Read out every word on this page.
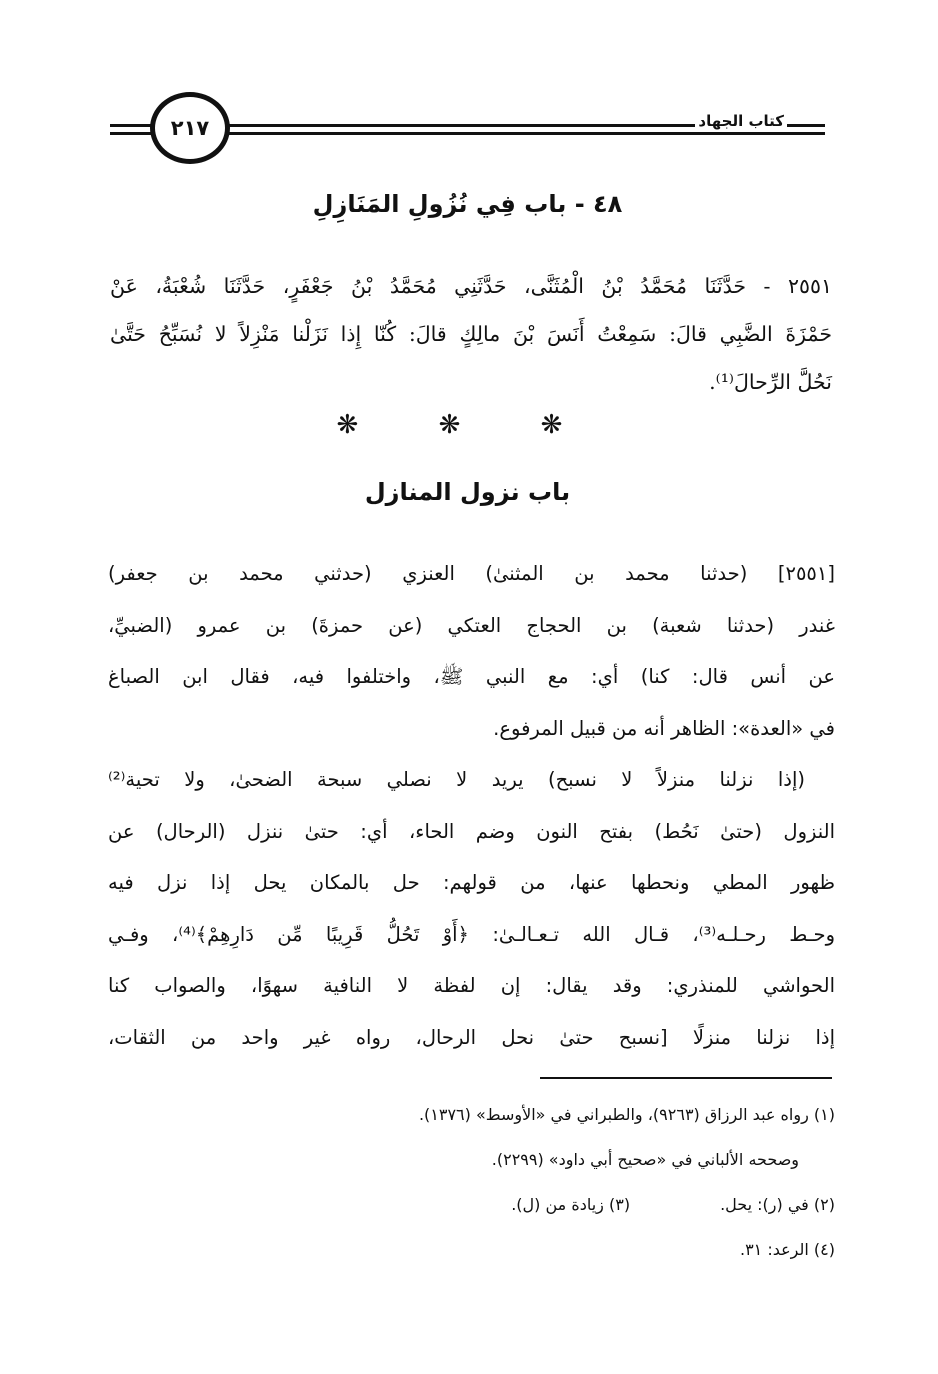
٢١٧	كتاب الجهاد
٤٨ - باب فِي نُزُولِ المَنَازِلِ
٢٥٥١ - حَدَّثَنَا مُحَمَّدُ بْنُ الْمُثَنَّى، حَدَّثَنِي مُحَمَّدُ بْنُ جَعْفَرٍ، حَدَّثَنَا شُعْبَةُ، عَنْ
حَمْزَةَ الضَّبِي قالَ: سَمِعْتُ أَنَسَ بْنَ مالِكٍ قالَ: كُنّا إِذا نَزَلْنا مَنْزِلاً لا نُسَبِّحُ حَتَّىٰ
نَحُلَّ الرِّحالَ⁽¹⁾.
❋ ❋ ❋
باب نزول المنازل
[٢٥٥١] (حدثنا محمد بن المثنىٰ) العنزي (حدثني محمد بن جعفر)
غندر (حدثنا شعبة) بن الحجاج العتكي (عن حمزةَ) بن عمرو (الضبيِّ،
عن أنس قال: كنا) أي: مع النبي ﷺ، واختلفوا فيه، فقال ابن الصباغ
في «العدة»: الظاهر أنه من قبيل المرفوع.
(إذا نزلنا منزلاً لا نسبح) يريد لا نصلي سبحة الضحىٰ، ولا تحية⁽²⁾
النزول (حتىٰ نَحُط) بفتح النون وضم الحاء، أي: حتىٰ ننزل (الرحال) عن
ظهور المطي ونحطها عنها، من قولهم: حل بالمكان يحل إذا نزل فيه
وحـط رحـلـه⁽³⁾، قـال الله تـعـالـىٰ: ﴿أَوْ تَحُلُّ قَرِيبًا مِّن دَارِهِمْ﴾⁽⁴⁾، وفـي
الحواشي للمنذري: وقد يقال: إن لفظة لا النافية سهوًا، والصواب كنا
إذا نزلنا منزلًا [نسبح حتىٰ نحل الرحال، رواه غير واحد من الثقات،
(١) رواه عبد الرزاق (٩٢٦٣)، والطبراني في «الأوسط» (١٣٧٦).
وصححه الألباني في «صحيح أبي داود» (٢٢٩٩).
(٢) في (ر): يحل.
(٣) زيادة من (ل).
(٤) الرعد: ٣١.
